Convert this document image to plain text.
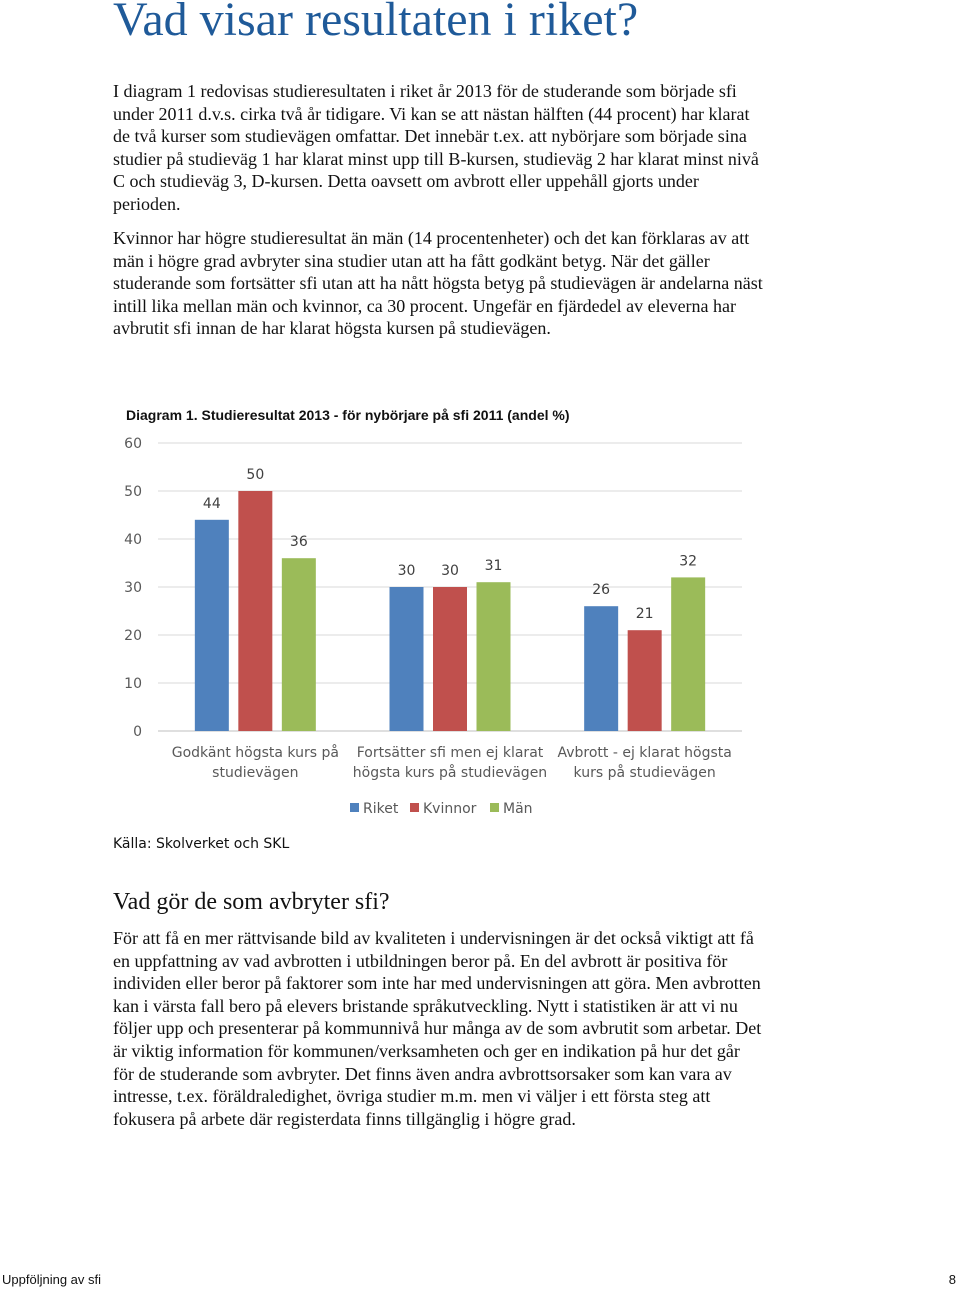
Vad visar resultaten i riket?

I diagram 1 redovisas studieresultaten i riket år 2013 för de studerande som började sfi under 2011 d.v.s. cirka två år tidigare. Vi kan se att nästan hälften (44 procent) har klarat de två kurser som studievägen omfattar. Det innebär t.ex. att nybörjare som började sina studier på studieväg 1 har klarat minst upp till B-kursen, studieväg 2 har klarat minst nivå C och studieväg 3, D-kursen. Detta oavsett om avbrott eller uppehåll gjorts under perioden.

Kvinnor har högre studieresultat än män (14 procentenheter) och det kan förklaras av att män i högre grad avbryter sina studier utan att ha fått godkänt betyg. När det gäller studerande som fortsätter sfi utan att ha nått högsta betyg på studievägen är andelarna näst intill lika mellan män och kvinnor, ca 30 procent. Ungefär en fjärdedel av eleverna har avbrutit sfi innan de har klarat högsta kursen på studievägen.

Diagram 1. Studieresultat 2013 - för nybörjare på sfi 2011 (andel %)
44
50
36
30 30 31
26
21
32
0
10
20
30
40
50
60
Godkänt högsta kurs på
studievägen
Fortsätter sfi men ej klarat
högsta kurs på studievägen
Avbrott - ej klarat högsta
kurs på studievägen
Riket Kvinnor Män
Källa: Skolverket och SKL
Vad gör de som avbryter sfi?

För att få en mer rättvisande bild av kvaliteten i undervisningen är det också viktigt att få en uppfattning av vad avbrotten i utbildningen beror på. En del avbrott är positiva för individen eller beror på faktorer som inte har med undervisningen att göra. Men avbrotten kan i värsta fall bero på elevers bristande språkutveckling. Nytt i statistiken är att vi nu följer upp och presenterar på kommunnivå hur många av de som avbrutit som arbetar. Det är viktig information för kommunen/verksamheten och ger en indikation på hur det går för de studerande som avbryter. Det finns även andra avbrottsorsaker som kan vara av intresse, t.ex. föräldraledighet, övriga studier m.m. men vi väljer i ett första steg att fokusera på arbete där registerdata finns tillgänglig i högre grad.

Uppföljning av sfi	8
